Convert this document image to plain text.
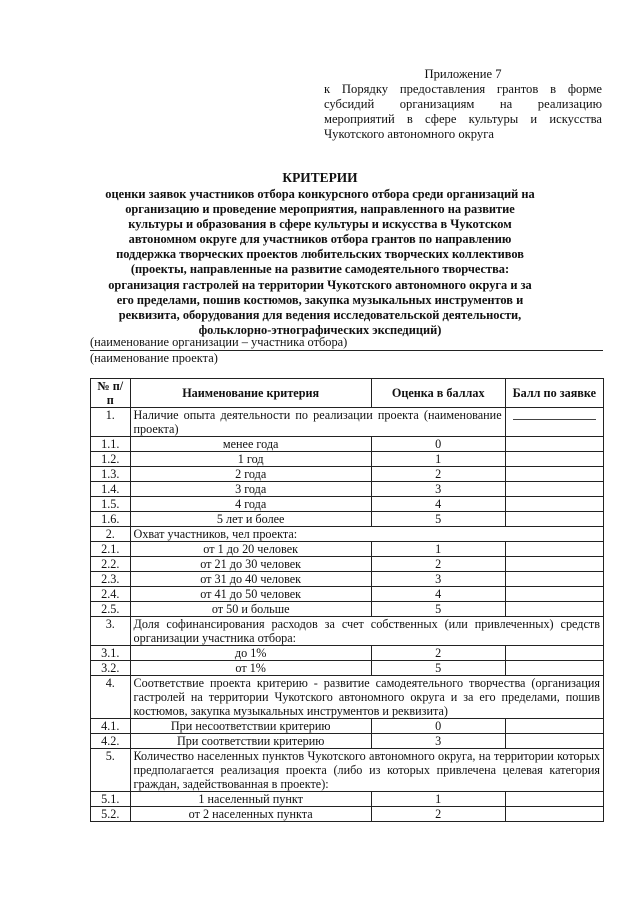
Приложение 7
к Порядку предоставления грантов в форме субсидий организациям на реализацию мероприятий в сфере культуры и искусства Чукотского автономного округа
КРИТЕРИИ
оценки заявок участников отбора конкурсного отбора среди организаций на организацию и проведение мероприятия, направленного на развитие культуры и образования в сфере культуры и искусства в Чукотском автономном округе для участников отбора грантов по направлению поддержка творческих проектов любительских творческих коллективов (проекты, направленные на развитие самодеятельного творчества: организация гастролей на территории Чукотского автономного округа и за его пределами, пошив костюмов, закупка музыкальных инструментов и реквизита, оборудования для ведения исследовательской деятельности, фольклорно-этнографических экспедиций)
(наименование организации – участника отбора)
(наименование проекта)
№ п/п	Наименование критерия	Оценка в баллах	Балл по заявке
1.	Наличие опыта деятельности по реализации проекта (наименование проекта)		

1.1.	менее года	0	
1.2.	1 год	1	
1.3.	2 года	2	
1.4.	3 года	3	
1.5.	4 года	4	
1.6.	5 лет и более	5	
2.	Охват участников, чел проекта:		
2.1.	от 1 до 20 человек	1	
2.2.	от 21 до 30 человек	2	
2.3.	от 31 до 40 человек	3	
2.4.	от 41 до 50 человек	4	
2.5.	от 50 и больше	5	
3.	Доля софинансирования расходов за счет собственных (или привлеченных) средств организации участника отбора:		
3.1.	до 1%	2	
3.2.	от 1%	5	
4.	Соответствие проекта критерию - развитие самодеятельного творчества (организация гастролей на территории Чукотского автономного округа и за его пределами, пошив костюмов, закупка музыкальных инструментов и реквизита)		
4.1.	При несоответствии критерию	0	
4.2.	При соответствии критерию	3	
5.	Количество населенных пунктов Чукотского автономного округа, на территории которых предполагается реализация проекта (либо из которых привлечена целевая категория граждан, задействованная в проекте):		
5.1.	1 населенный пункт	1	
5.2.	от 2 населенных пункта	2	
